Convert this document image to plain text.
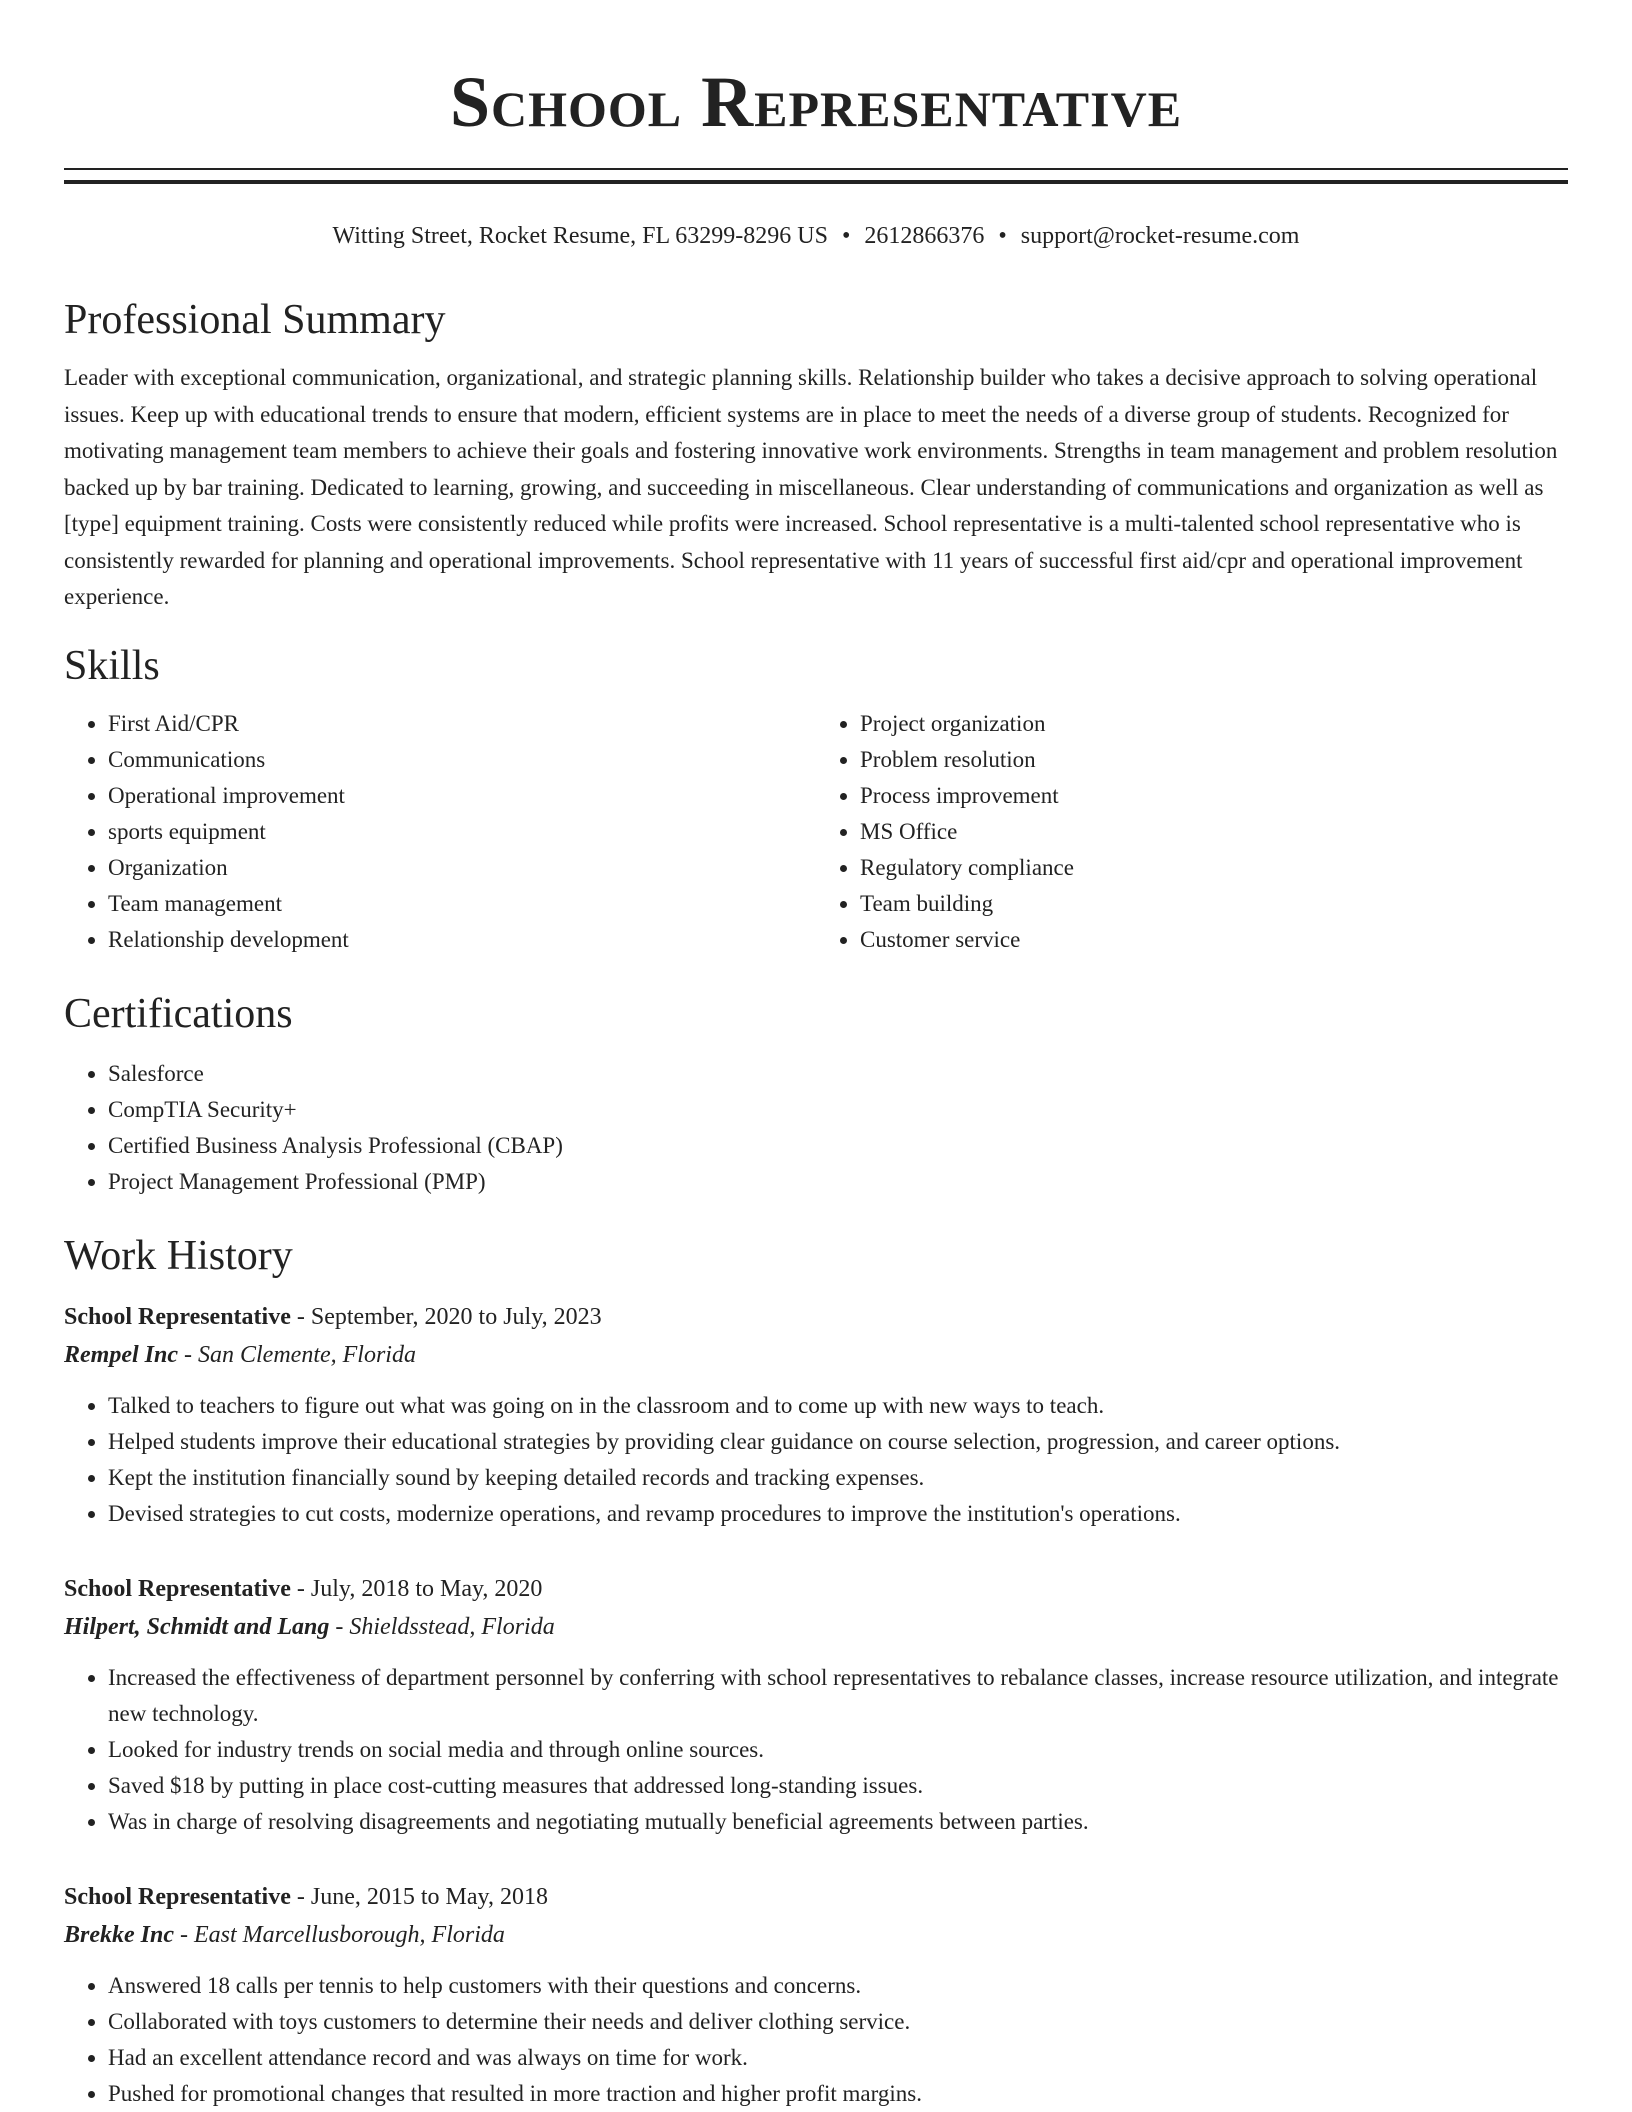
School Representative
Witting Street, Rocket Resume, FL 63299-8296 US • 2612866376 • support@rocket-resume.com
Professional Summary

Leader with exceptional communication, organizational, and strategic planning skills. Relationship builder who takes a decisive approach to solving operational issues. Keep up with educational trends to ensure that modern, efficient systems are in place to meet the needs of a diverse group of students. Recognized for motivating management team members to achieve their goals and fostering innovative work environments. Strengths in team management and problem resolution backed up by bar training. Dedicated to learning, growing, and succeeding in miscellaneous. Clear understanding of communications and organization as well as [type] equipment training. Costs were consistently reduced while profits were increased. School representative is a multi-talented school representative who is consistently rewarded for planning and operational improvements. School representative with 11 years of successful first aid/cpr and operational improvement experience.

Skills
• First Aid/CPR
• Communications
• Operational improvement
• sports equipment
• Organization
• Team management
• Relationship development
• Project organization
• Problem resolution
• Process improvement
• MS Office
• Regulatory compliance
• Team building
• Customer service
Certifications
• Salesforce
• CompTIA Security+
• Certified Business Analysis Professional (CBAP)
• Project Management Professional (PMP)
Work History
School Representative - September, 2020 to July, 2023
Rempel Inc - San Clemente, Florida
• Talked to teachers to figure out what was going on in the classroom and to come up with new ways to teach.
• Helped students improve their educational strategies by providing clear guidance on course selection, progression, and career options.
• Kept the institution financially sound by keeping detailed records and tracking expenses.
• Devised strategies to cut costs, modernize operations, and revamp procedures to improve the institution's operations.
School Representative - July, 2018 to May, 2020
Hilpert, Schmidt and Lang - Shieldsstead, Florida
• Increased the effectiveness of department personnel by conferring with school representatives to rebalance classes, increase resource utilization, and integrate new technology.
• Looked for industry trends on social media and through online sources.
• Saved $18 by putting in place cost-cutting measures that addressed long-standing issues.
• Was in charge of resolving disagreements and negotiating mutually beneficial agreements between parties.
School Representative - June, 2015 to May, 2018
Brekke Inc - East Marcellusborough, Florida
• Answered 18 calls per tennis to help customers with their questions and concerns.
• Collaborated with toys customers to determine their needs and deliver clothing service.
• Had an excellent attendance record and was always on time for work.
• Pushed for promotional changes that resulted in more traction and higher profit margins.
